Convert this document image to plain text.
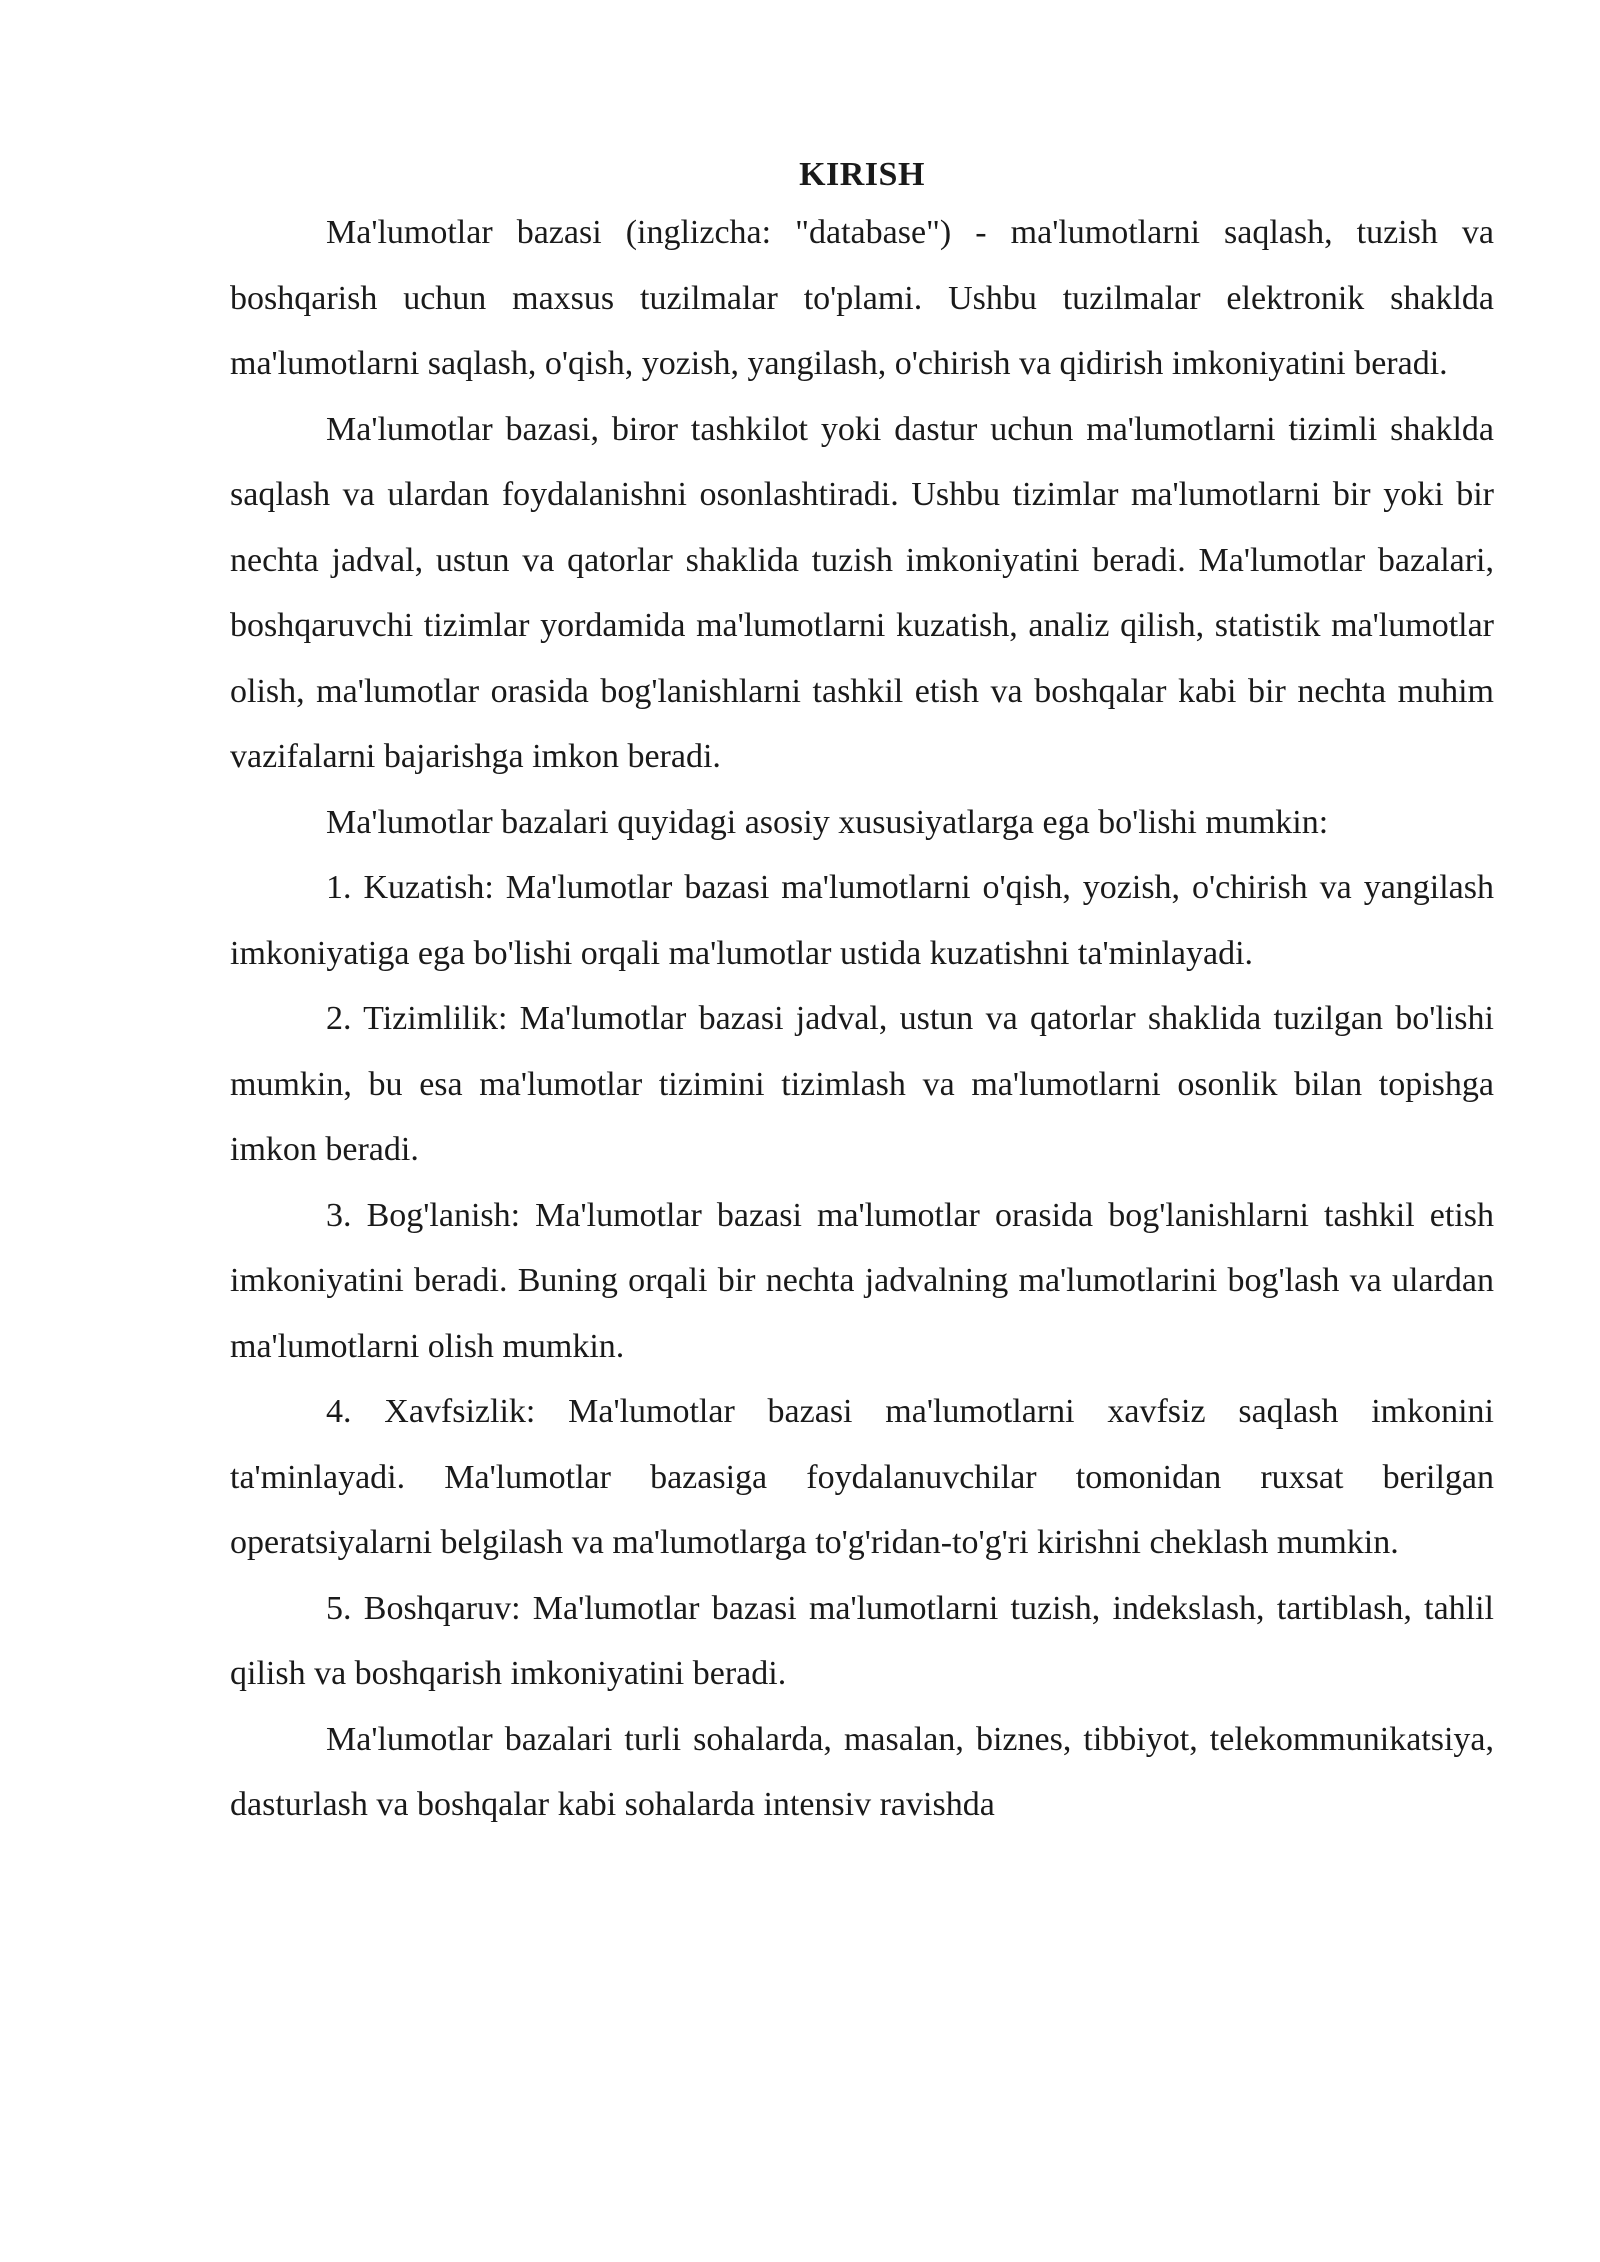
KIRISH

Ma'lumotlar bazasi (inglizcha: "database") - ma'lumotlarni saqlash, tuzish va boshqarish uchun maxsus tuzilmalar to'plami. Ushbu tuzilmalar elektronik shaklda ma'lumotlarni saqlash, o'qish, yozish, yangilash, o'chirish va qidirish imkoniyatini beradi.

Ma'lumotlar bazasi, biror tashkilot yoki dastur uchun ma'lumotlarni tizimli shaklda saqlash va ulardan foydalanishni osonlashtiradi. Ushbu tizimlar ma'lumotlarni bir yoki bir nechta jadval, ustun va qatorlar shaklida tuzish imkoniyatini beradi. Ma'lumotlar bazalari, boshqaruvchi tizimlar yordamida ma'lumotlarni kuzatish, analiz qilish, statistik ma'lumotlar olish, ma'lumotlar orasida bog'lanishlarni tashkil etish va boshqalar kabi bir nechta muhim vazifalarni bajarishga imkon beradi.

Ma'lumotlar bazalari quyidagi asosiy xususiyatlarga ega bo'lishi mumkin:

1. Kuzatish: Ma'lumotlar bazasi ma'lumotlarni o'qish, yozish, o'chirish va yangilash imkoniyatiga ega bo'lishi orqali ma'lumotlar ustida kuzatishni ta'minlayadi.

2. Tizimlilik: Ma'lumotlar bazasi jadval, ustun va qatorlar shaklida tuzilgan bo'lishi mumkin, bu esa ma'lumotlar tizimini tizimlash va ma'lumotlarni osonlik bilan topishga imkon beradi.

3. Bog'lanish: Ma'lumotlar bazasi ma'lumotlar orasida bog'lanishlarni tashkil etish imkoniyatini beradi. Buning orqali bir nechta jadvalning ma'lumotlarini bog'lash va ulardan ma'lumotlarni olish mumkin.

4. Xavfsizlik: Ma'lumotlar bazasi ma'lumotlarni xavfsiz saqlash imkonini ta'minlayadi. Ma'lumotlar bazasiga foydalanuvchilar tomonidan ruxsat berilgan operatsiyalarni belgilash va ma'lumotlarga to'g'ridan-to'g'ri kirishni cheklash mumkin.

5. Boshqaruv: Ma'lumotlar bazasi ma'lumotlarni tuzish, indekslash, tartiblash, tahlil qilish va boshqarish imkoniyatini beradi.

Ma'lumotlar bazalari turli sohalarda, masalan, biznes, tibbiyot, telekommunikatsiya, dasturlash va boshqalar kabi sohalarda intensiv ravishda
